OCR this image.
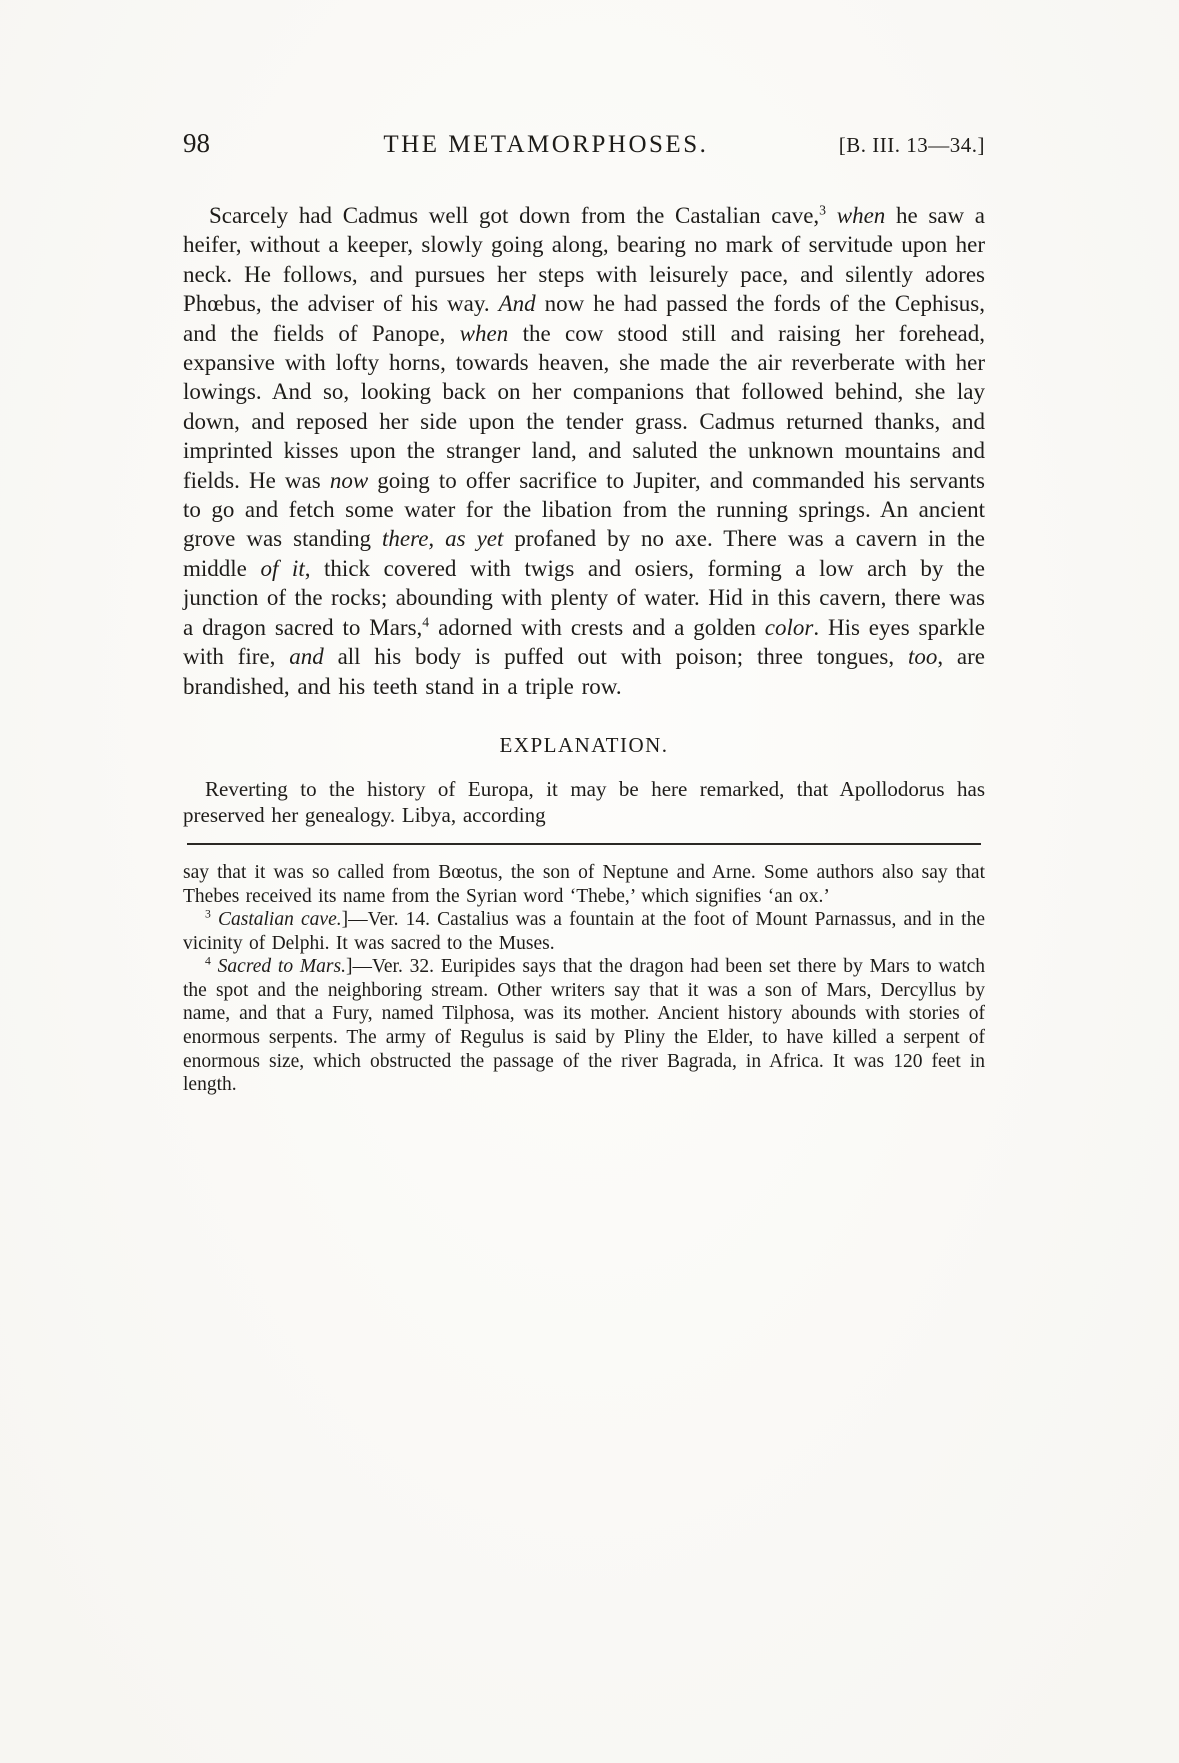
98	THE METAMORPHOSES.	[B. III. 13—34.]

Scarcely had Cadmus well got down from the Castalian cave,$^3$ when he saw a heifer, without a keeper, slowly going along, bearing no mark of servitude upon her neck. He follows, and pursues her steps with leisurely pace, and silently adores Phœbus, the adviser of his way. And now he had passed the fords of the Cephisus, and the fields of Panope, when the cow stood still and raising her forehead, expansive with lofty horns, towards heaven, she made the air reverberate with her lowings. And so, looking back on her companions that followed behind, she lay down, and reposed her side upon the tender grass. Cadmus returned thanks, and imprinted kisses upon the stranger land, and saluted the unknown mountains and fields. He was now going to offer sacrifice to Jupiter, and commanded his servants to go and fetch some water for the libation from the running springs. An ancient grove was standing there, as yet profaned by no axe. There was a cavern in the middle of it, thick covered with twigs and osiers, forming a low arch by the junction of the rocks; abounding with plenty of water. Hid in this cavern, there was a dragon sacred to Mars,$^4$ adorned with crests and a golden color. His eyes sparkle with fire, and all his body is puffed out with poison; three tongues, too, are brandished, and his teeth stand in a triple row.

EXPLANATION.

Reverting to the history of Europa, it may be here remarked, that Apollodorus has preserved her genealogy. Libya, according

say that it was so called from Bœotus, the son of Neptune and Arne. Some authors also say that Thebes received its name from the Syrian word ‘Thebe,’ which signifies ‘an ox.’

$^3$ Castalian cave.]—Ver. 14. Castalius was a fountain at the foot of Mount Parnassus, and in the vicinity of Delphi. It was sacred to the Muses.

$^4$ Sacred to Mars.]—Ver. 32. Euripides says that the dragon had been set there by Mars to watch the spot and the neighboring stream. Other writers say that it was a son of Mars, Dercyllus by name, and that a Fury, named Tilphosa, was its mother. Ancient history abounds with stories of enormous serpents. The army of Regulus is said by Pliny the Elder, to have killed a serpent of enormous size, which obstructed the passage of the river Bagrada, in Africa. It was 120 feet in length.
